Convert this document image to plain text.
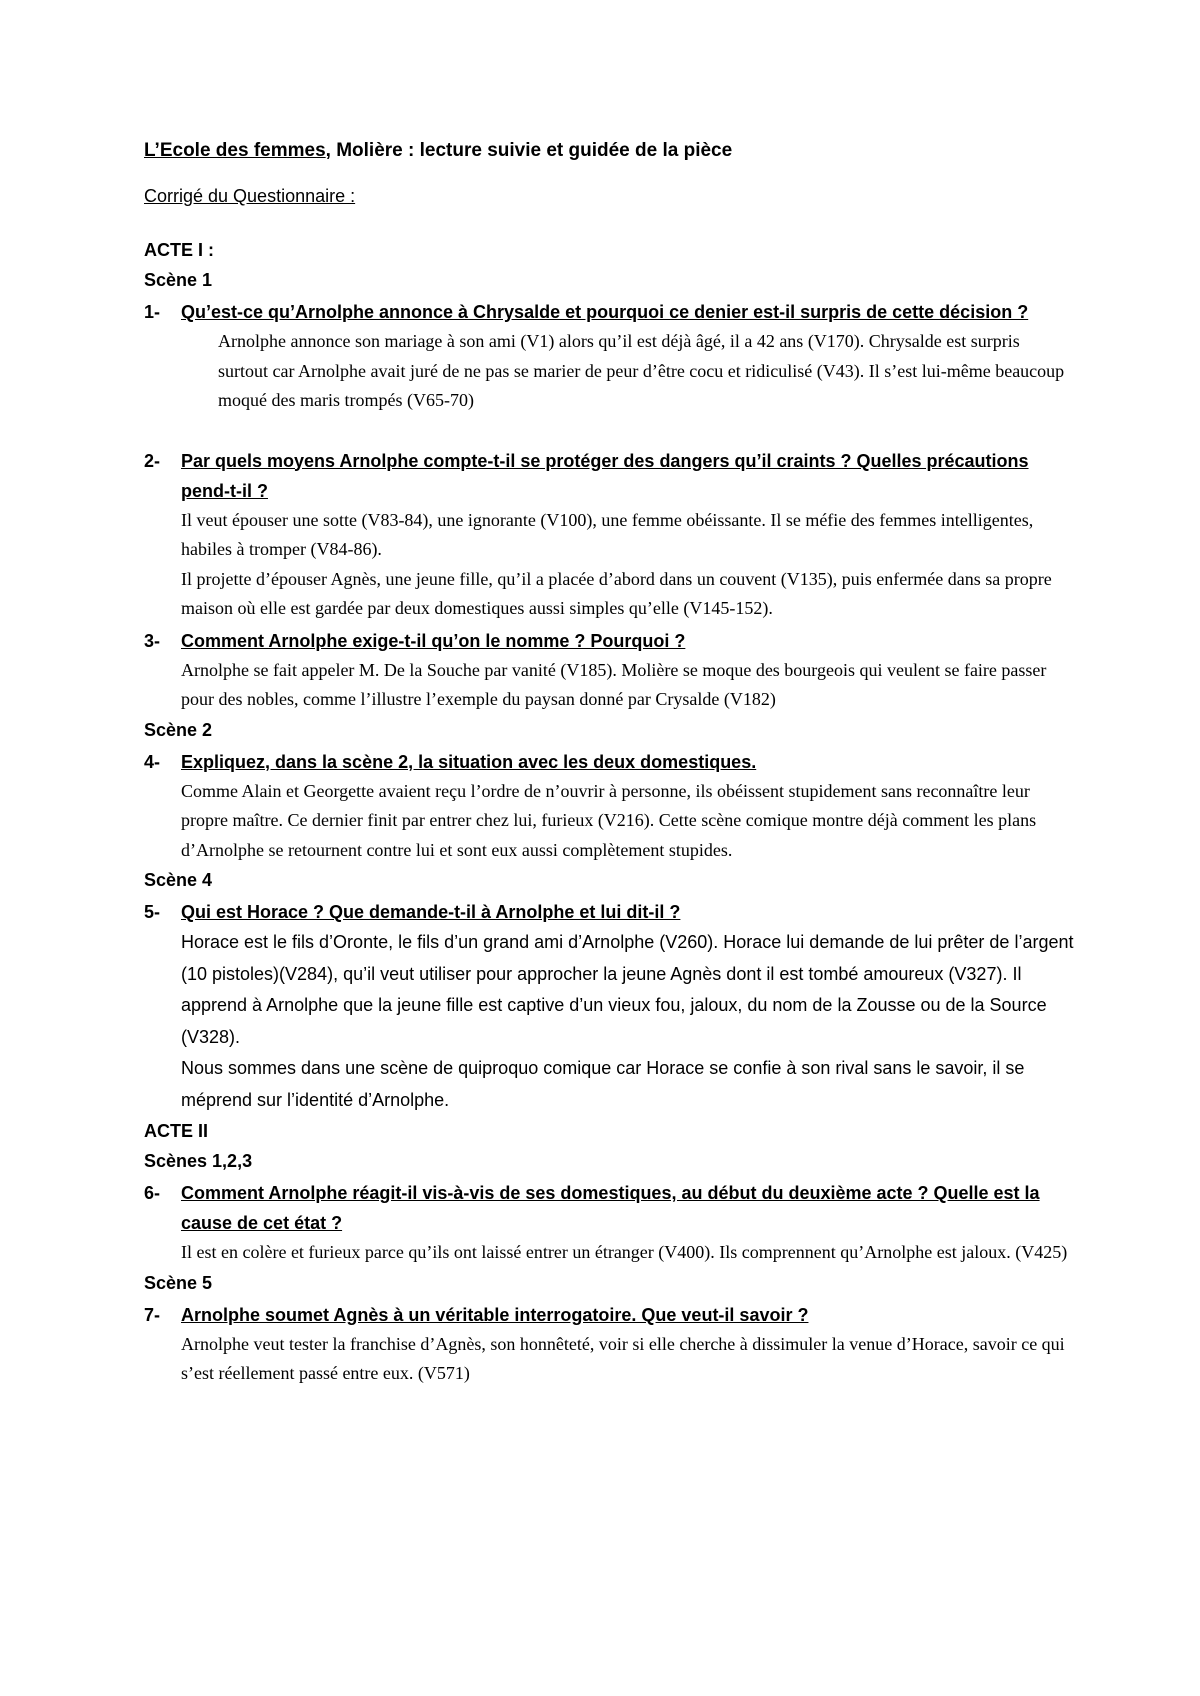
L’Ecole des femmes, Molière : lecture suivie et guidée de la pièce
Corrigé du Questionnaire :
ACTE I :
Scène 1
1- Qu’est-ce qu’Arnolphe annonce à Chrysalde et pourquoi ce denier est-il surpris de cette décision ?

Arnolphe annonce son mariage à son ami (V1) alors qu’il est déjà âgé, il a 42 ans (V170). Chrysalde est surpris surtout car Arnolphe avait juré de ne pas se marier de peur d’être cocu et ridiculisé (V43). Il s’est lui-même beaucoup moqué des maris trompés (V65-70)

2- Par quels moyens Arnolphe compte-t-il se protéger des dangers qu’il craints ? Quelles précautions pend-t-il ?

Il veut épouser une sotte (V83-84), une ignorante (V100), une femme obéissante. Il se méfie des femmes intelligentes, habiles à tromper (V84-86).

Il projette d’épouser Agnès, une jeune fille, qu’il a placée d’abord dans un couvent (V135), puis enfermée dans sa propre maison où elle est gardée par deux domestiques aussi simples qu’elle (V145-152).

3- Comment Arnolphe exige-t-il qu’on le nomme ? Pourquoi ?

Arnolphe se fait appeler M. De la Souche par vanité (V185). Molière se moque des bourgeois qui veulent se faire passer pour des nobles, comme l’illustre l’exemple du paysan donné par Crysalde (V182)

Scène 2
4- Expliquez, dans la scène 2, la situation avec les deux domestiques.

Comme Alain et Georgette avaient reçu l’ordre de n’ouvrir à personne, ils obéissent stupidement sans reconnaître leur propre maître. Ce dernier finit par entrer chez lui, furieux (V216). Cette scène comique montre déjà comment les plans d’Arnolphe se retournent contre lui et sont eux aussi complètement stupides.

Scène 4
5- Qui est Horace ? Que demande-t-il à Arnolphe et lui dit-il ?

Horace est le fils d’Oronte, le fils d’un grand ami d’Arnolphe (V260). Horace lui demande de lui prêter de l’argent (10 pistoles)(V284), qu’il veut utiliser pour approcher la jeune Agnès dont il est tombé amoureux (V327). Il apprend à Arnolphe que la jeune fille est captive d’un vieux fou, jaloux, du nom de la Zousse ou de la Source (V328).

Nous sommes dans une scène de quiproquo comique car Horace se confie à son rival sans le savoir, il se méprend sur l’identité d’Arnolphe.

ACTE II
Scènes 1,2,3
6- Comment Arnolphe réagit-il vis-à-vis de ses domestiques, au début du deuxième acte ? Quelle est la cause de cet état ?

Il est en colère et furieux parce qu’ils ont laissé entrer un étranger (V400). Ils comprennent qu’Arnolphe est jaloux. (V425)

Scène 5
7- Arnolphe soumet Agnès à un véritable interrogatoire. Que veut-il savoir ?

Arnolphe veut tester la franchise d’Agnès, son honnêteté, voir si elle cherche à dissimuler la venue d’Horace, savoir ce qui s’est réellement passé entre eux. (V571)
